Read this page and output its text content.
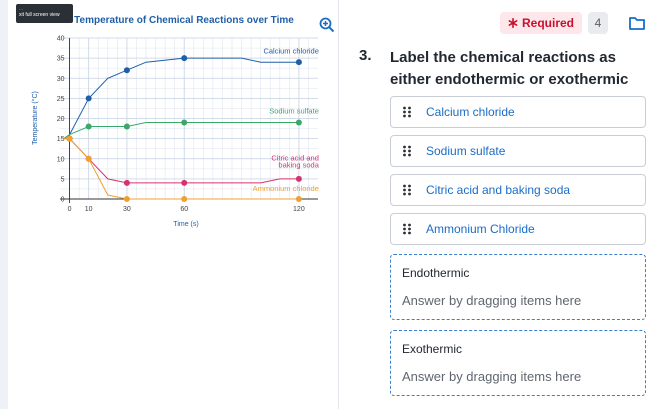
0
5
10
15
20
25
30
35
40
0 10	30	60	120
Temperature of Chemical Reactions over Time
Time (s)
Temperature (°C)
Calcium chloride
Sodium sulfate
Citric acid and
baking soda
Ammonium chloride
...
xit full screen view
Required	4
3. Label the chemical reactions as either endothermic or exothermic
Calcium chloride
Sodium sulfate
Citric acid and baking soda
Ammonium Chloride
Endothermic
Answer by dragging items here
Exothermic
Answer by dragging items here
